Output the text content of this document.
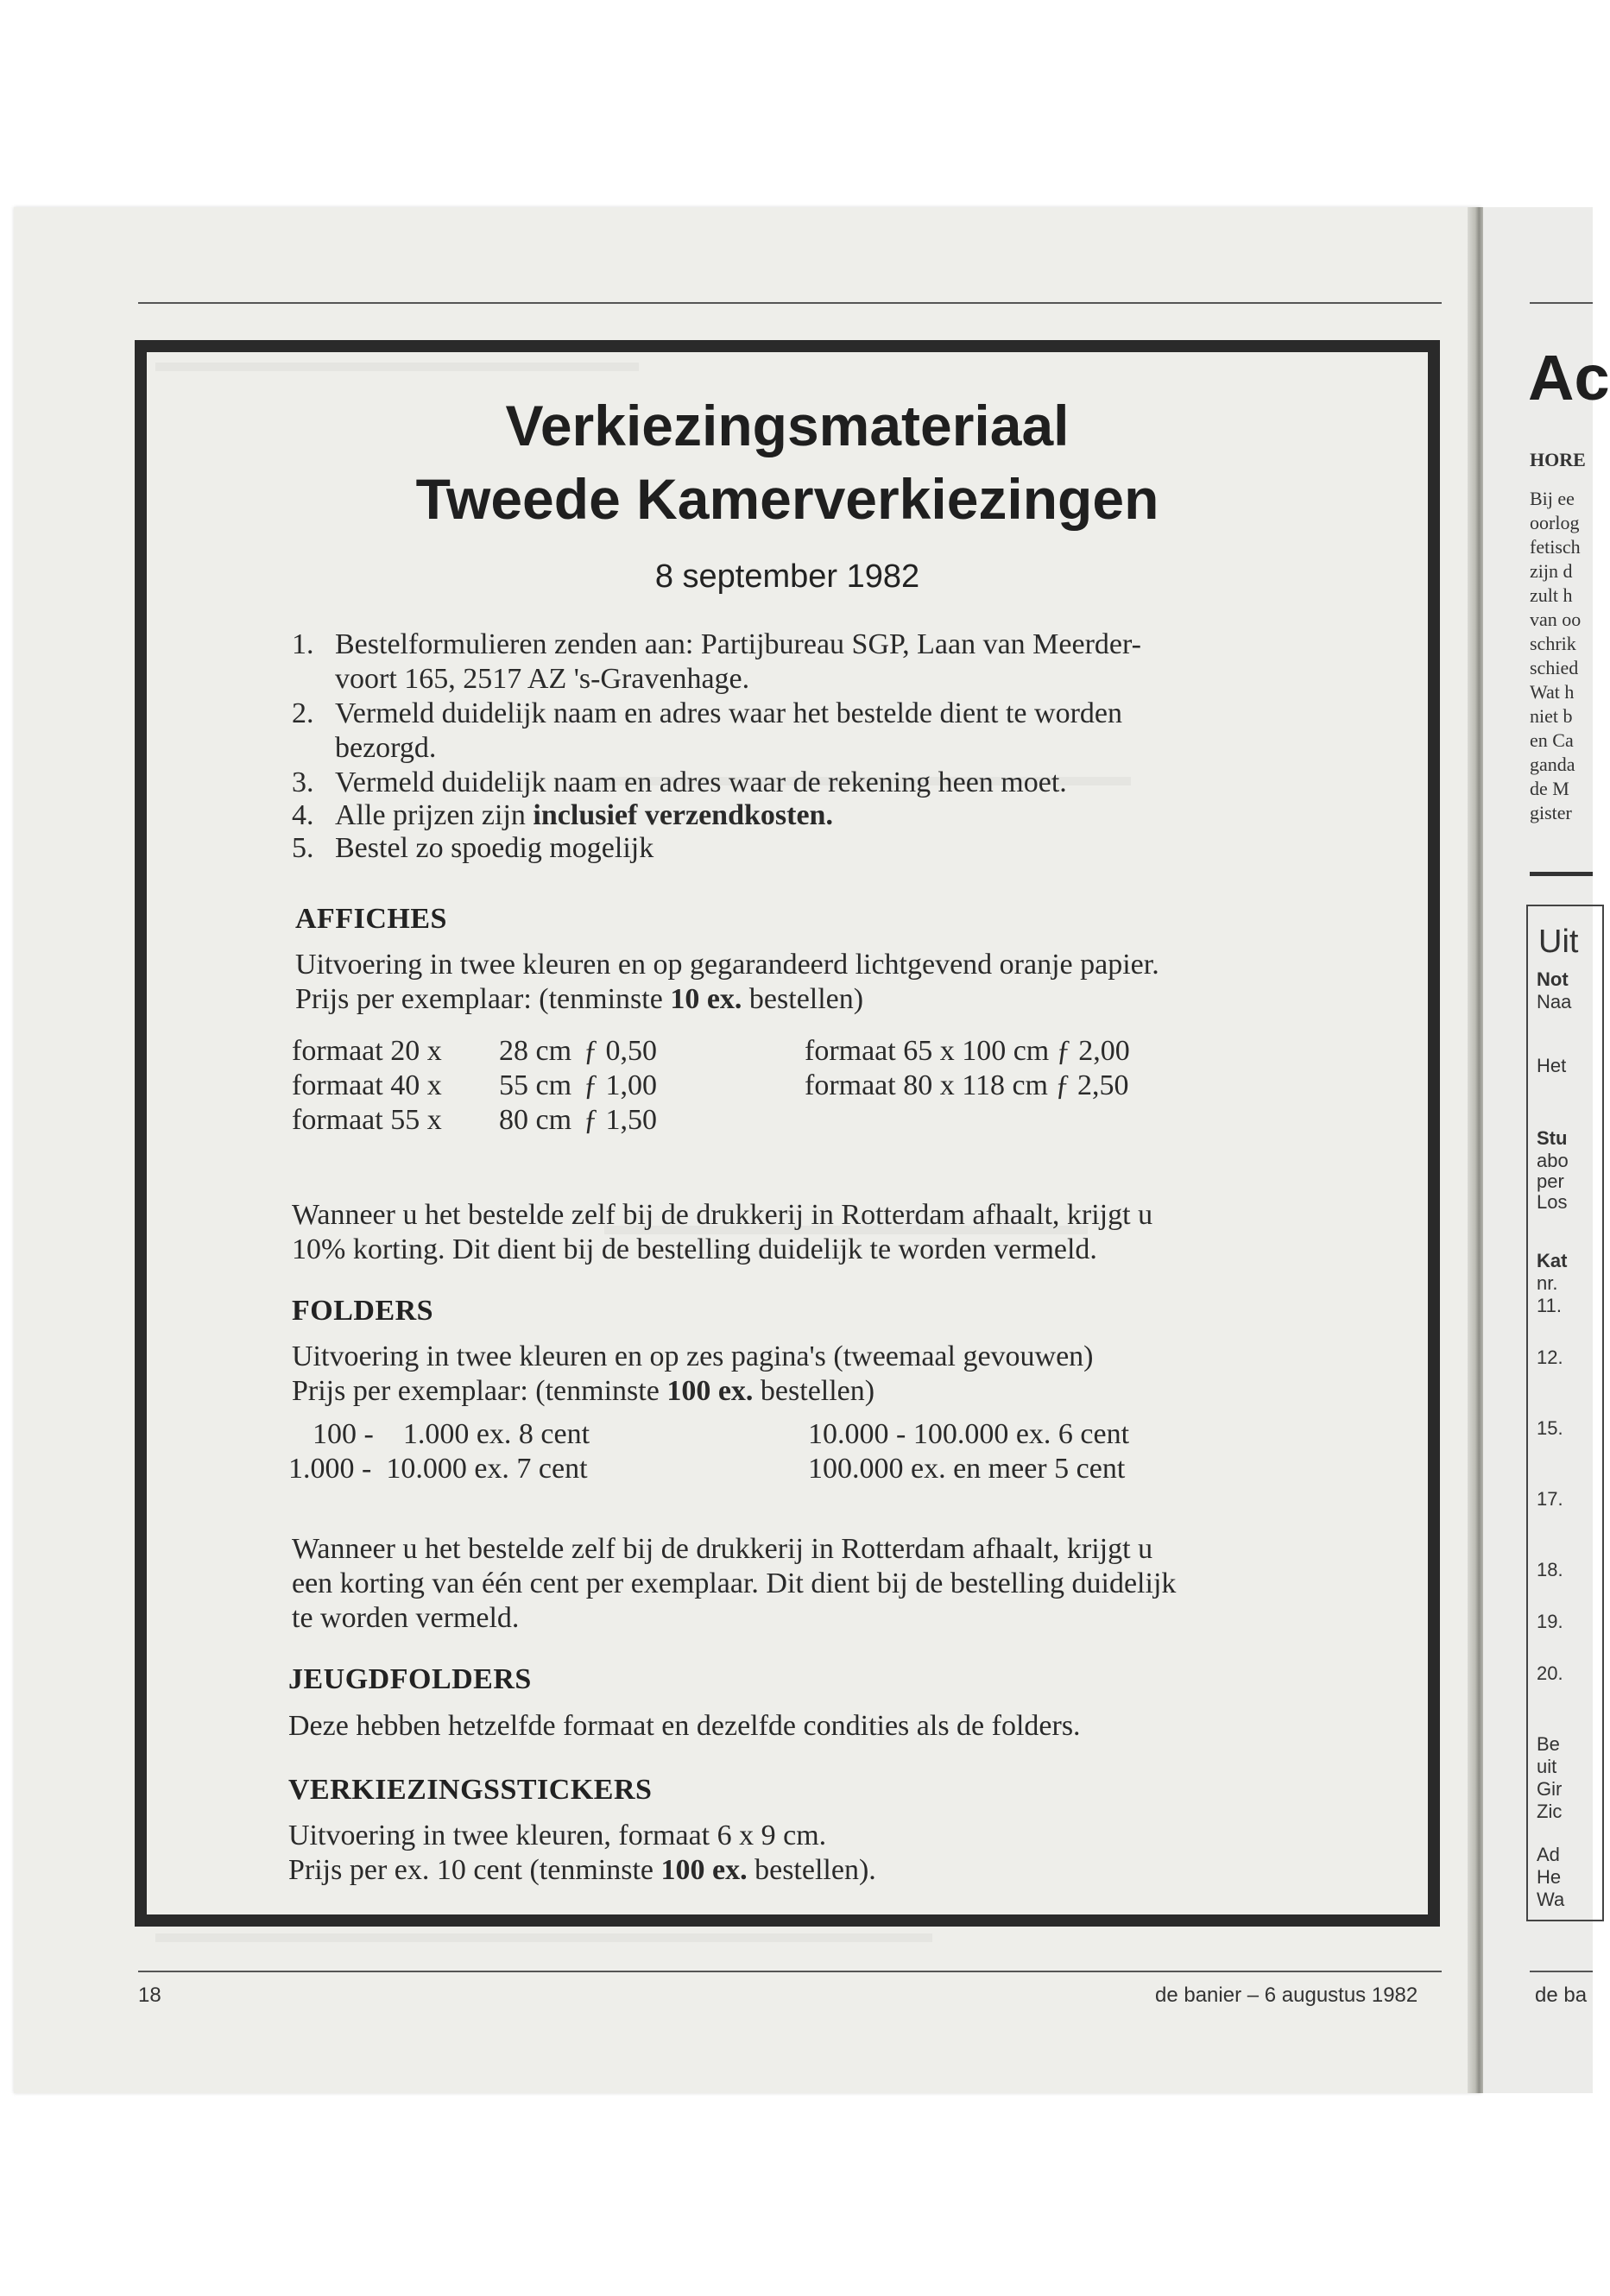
Verkiezingsmateriaal
Tweede Kamerverkiezingen
8 september 1982
1. Bestelformulieren zenden aan: Partijbureau SGP, Laan van Meerder-
voort 165, 2517 AZ 's-Gravenhage.
2. Vermeld duidelijk naam en adres waar het bestelde dient te worden
bezorgd.
3. Vermeld duidelijk naam en adres waar de rekening heen moet.
4. Alle prijzen zijn inclusief verzendkosten.
5. Bestel zo spoedig mogelijk
AFFICHES
Uitvoering in twee kleuren en op gegarandeerd lichtgevend oranje papier.
Prijs per exemplaar: (tenminste 10 ex. bestellen)
formaat 20 x 28 cm ƒ 0,50
formaat 40 x 55 cm ƒ 1,00
formaat 55 x 80 cm ƒ 1,50
formaat 65 x 100 cm ƒ 2,00
formaat 80 x 118 cm ƒ 2,50
Wanneer u het bestelde zelf bij de drukkerij in Rotterdam afhaalt, krijgt u
10% korting. Dit dient bij de bestelling duidelijk te worden vermeld.
FOLDERS
Uitvoering in twee kleuren en op zes pagina's (tweemaal gevouwen)
Prijs per exemplaar: (tenminste 100 ex. bestellen)
100 -    1.000 ex. 8 cent
1.000 -  10.000 ex. 7 cent
10.000 - 100.000 ex. 6 cent
100.000 ex. en meer 5 cent
Wanneer u het bestelde zelf bij de drukkerij in Rotterdam afhaalt, krijgt u
een korting van één cent per exemplaar. Dit dient bij de bestelling duidelijk
te worden vermeld.
JEUGDFOLDERS
Deze hebben hetzelfde formaat en dezelfde condities als de folders.
VERKIEZINGSSTICKERS
Uitvoering in twee kleuren, formaat 6 x 9 cm.
Prijs per ex. 10 cent (tenminste 100 ex. bestellen).
18	de banier – 6 augustus 1982
Ac
HORE
Bij ee
oorlog
fetisch
zijn d
zult h
van oo
schrik
schied
Wat h
niet b
en Ca
ganda
de M
gister
Uit
Not
Naa
Het
Stu
abo
per
Los
Kat
nr.
11.
12.
15.
17.
18.
19.
20.
Be
uit
Gir
Zic
Ad
He
Wa
de ba
